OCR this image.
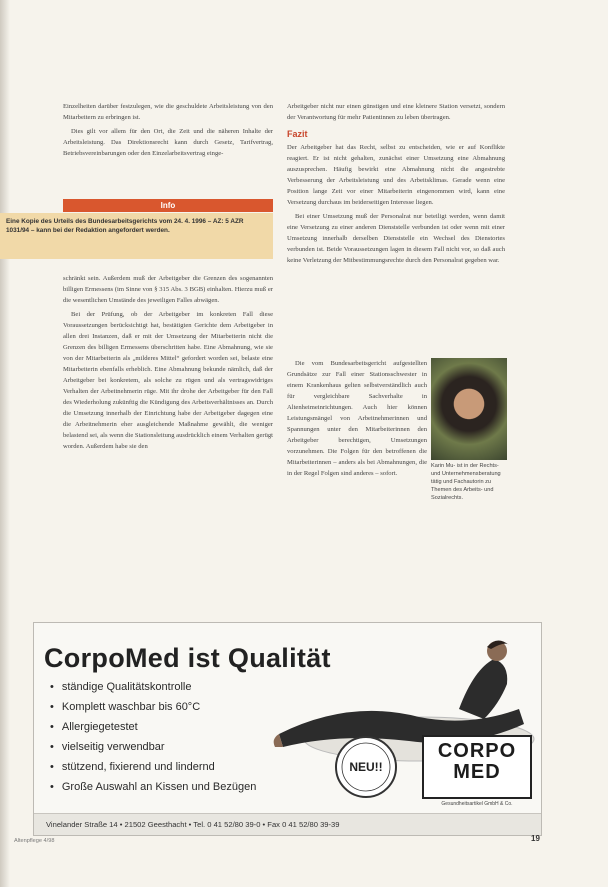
Einzelheiten darüber festzulegen, wie die geschuldete Arbeitsleistung von den Mitarbeitern zu erbringen ist.

Dies gilt vor allem für den Ort, die Zeit und die näheren Inhalte der Arbeitsleistung. Das Direktionsrecht kann durch Gesetz, Tarifvertrag, Betriebsvereinbarungen oder den Einzelarbeitsvertrag einge-

Info
Eine Kopie des Urteils des Bundesarbeitsgerichts vom 24. 4. 1996 – AZ: 5 AZR 1031/94 – kann bei der Redaktion angefordert werden.

schränkt sein. Außerdem muß der Arbeitgeber die Grenzen des sogenannten billigen Ermessens (im Sinne von § 315 Abs. 3 BGB) einhalten. Hierzu muß er die wesentlichen Umstände des jeweiligen Falles abwägen.

Bei der Prüfung, ob der Arbeitgeber im konkreten Fall diese Voraussetzungen berücksichtigt hat, bestätigten Gerichte dem Arbeitgeber in allen drei Instanzen, daß er mit der Umsetzung der Mitarbeiterin nicht die Grenzen des billigen Ermessens überschritten habe. Eine Abmahnung, wie sie von der Mitarbeiterin als „milderes Mittel“ gefordert worden sei, belaste eine Mitarbeiterin ebenfalls erheblich. Eine Abmahnung bekunde nämlich, daß der Arbeitgeber bei konkretem, als solche zu rügen und als vertragswidriges Verhalten der Arbeitnehmerin rüge. Mit ihr drohe der Arbeitgeber für den Fall des Wiederholung zukünftig die Kündigung des Arbeitsverhältnisses an. Durch die Umsetzung innerhalb der Einrichtung habe der Arbeitgeber dagegen eine die Arbeitnehmerin eher ausgleichende Maßnahme gewählt, die weniger belastend sei, als wenn die Stationsleitung ausdrücklich einem Verhalten gerügt worden. Außerdem habe sie den

Arbeitgeber nicht nur einen günstigen und eine kleinere Station versetzt, sondern der Verantwortung für mehr Patientinnen zu leben übertragen.

Fazit

Der Arbeitgeber hat das Recht, selbst zu entscheiden, wie er auf Konflikte reagiert. Er ist nicht gehalten, zunächst einer Umsetzung eine Abmahnung auszusprechen. Häufig bewirkt eine Abmahnung nicht die angestrebte Verbesserung der Arbeitsleistung und des Arbeitsklimas. Gerade wenn eine Position lange Zeit vor einer Mitarbeiterin eingenommen wird, kann eine Versetzung durchaus im beiderseitigen Interesse liegen.

Bei einer Umsetzung muß der Personalrat nur beteiligt werden, wenn damit eine Versetzung zu einer anderen Dienststelle verbunden ist oder wenn mit einer Umsetzung innerhalb derselben Dienststelle ein Wechsel des Dienstortes verbunden ist. Beide Voraussetzungen lagen in diesem Fall nicht vor, so daß auch keine Verletzung der Mitbestimmungsrechte durch den Personalrat gegeben war.

Die vom Bundesarbeitsgericht aufgestellten Grundsätze zur Fall einer Stationsschwester in einem Krankenhaus gelten selbstverständlich auch für vergleichbare Sachverhalte in Altenheimeinrichtungen. Auch hier können Leistungsmängel von Arbeitnehmerinnen und Spannungen unter den Mitarbeiterinnen den Arbeitgeber berechtigen, Umsetzungen vorzunehmen. Die Folgen für den betroffenen die Mitarbeiterinnen – anders als bei Abmahnungen, die in der Regel Folgen sind anderes – sofort.

Karin Mu- ist in der Rechts- und Unternehmensberatung tätig und Fachautorin zu Themen des Arbeits- und Sozialrechts.
CorpoMed ist Qualität
• ständige Qualitätskontrolle
• Komplett waschbar bis 60°C
• Allergiegetestet
• vielseitig verwendbar
• stützend, fixierend und lindernd
• Große Auswahl an Kissen und Bezügen
NEU!!
CORPO
MED
Gesundheitsartikel GmbH & Co.
Vinelander Straße 14 • 21502 Geesthacht • Tel. 0 41 52/80 39-0 • Fax 0 41 52/80 39-39
Altenpflege 4/98	19
